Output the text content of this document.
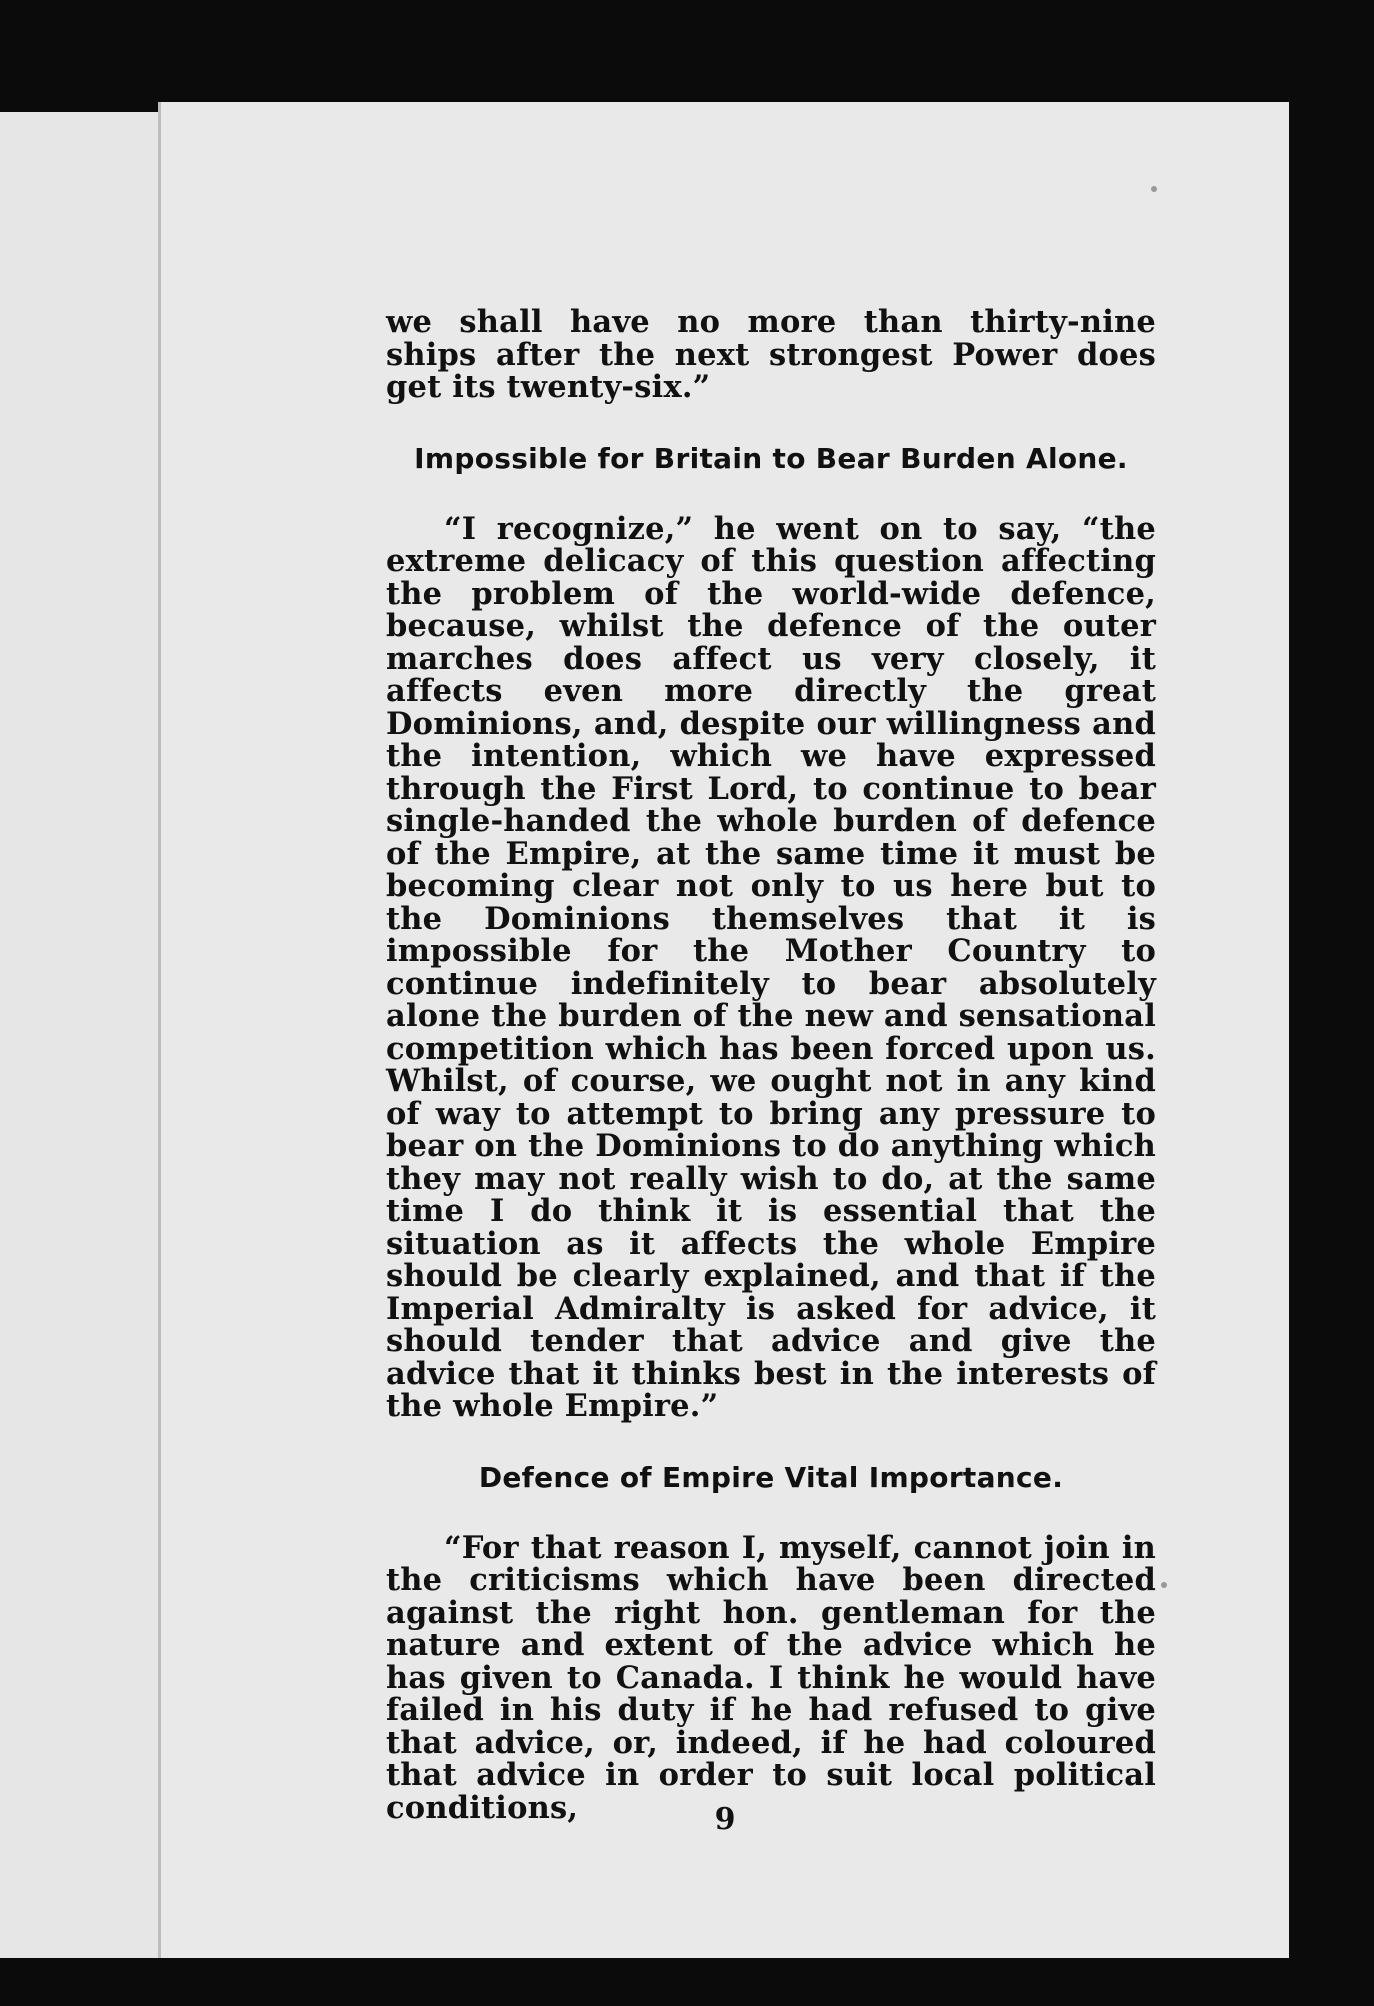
9

we shall have no more than thirty-nine ships after the next strongest Power does get its twenty-six.”

Impossible for Britain to Bear Burden Alone.

“I recognize,” he went on to say, “the extreme delicacy of this question affecting the problem of the world-wide defence, because, whilst the defence of the outer marches does affect us very closely, it affects even more directly the great Dominions, and, despite our willingness and the intention, which we have expressed through the First Lord, to continue to bear single-handed the whole burden of defence of the Empire, at the same time it must be becoming clear not only to us here but to the Dominions themselves that it is impossible for the Mother Country to continue indefinitely to bear absolutely alone the burden of the new and sensational competition which has been forced upon us. Whilst, of course, we ought not in any kind of way to attempt to bring any pressure to bear on the Dominions to do anything which they may not really wish to do, at the same time I do think it is essential that the situation as it affects the whole Empire should be clearly explained, and that if the Imperial Admiralty is asked for advice, it should tender that advice and give the advice that it thinks best in the interests of the whole Empire.”

Defence of Empire Vital Importance.

“For that reason I, myself, cannot join in the criticisms which have been directed against the right hon. gentleman for the nature and extent of the advice which he has given to Canada. I think he would have failed in his duty if he had refused to give that advice, or, indeed, if he had coloured that advice in order to suit local political conditions,
